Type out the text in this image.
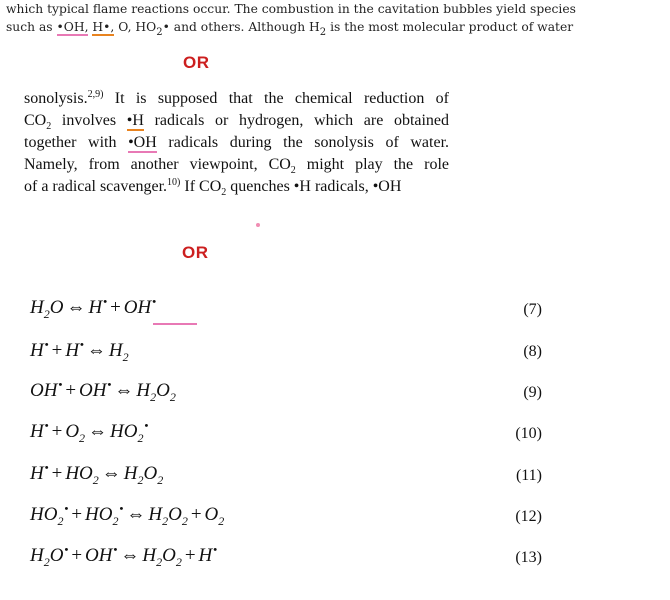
which typical flame reactions occur. The combustion in the cavitation bubbles yield species
such as •OH, H•, O, $HO_2•$ and others. Although $H_2$ is the most molecular product of water
OR
sonolysis.$^{2,9)}$ It is supposed that the chemical reduction of
$CO_2$ involves •H radicals or hydrogen, which are obtained
together with •OH radicals during the sonolysis of water.
Namely, from another viewpoint, $CO_2$ might play the role
of a radical scavenger.$^{10)}$ If $CO_2$ quenches •H radicals, •OH
OR
$H_2O$ ⇔ H• + OH•	(7)
H• + H• ⇔ $H_2$	(8)
OH• + OH• ⇔ $H_2O_2$	(9)
$H^• + O_2$ ⇔ $HO_2^•$	(10)
$H^• + HO_2$ ⇔ $H_2O_2$	(11)
$HO_2^• + HO_2^•$ ⇔ $H_2O_2 + O_2$	(12)
$H_2O^• + OH^•$ ⇔ $H_2O_2 + H^•$	(13)
